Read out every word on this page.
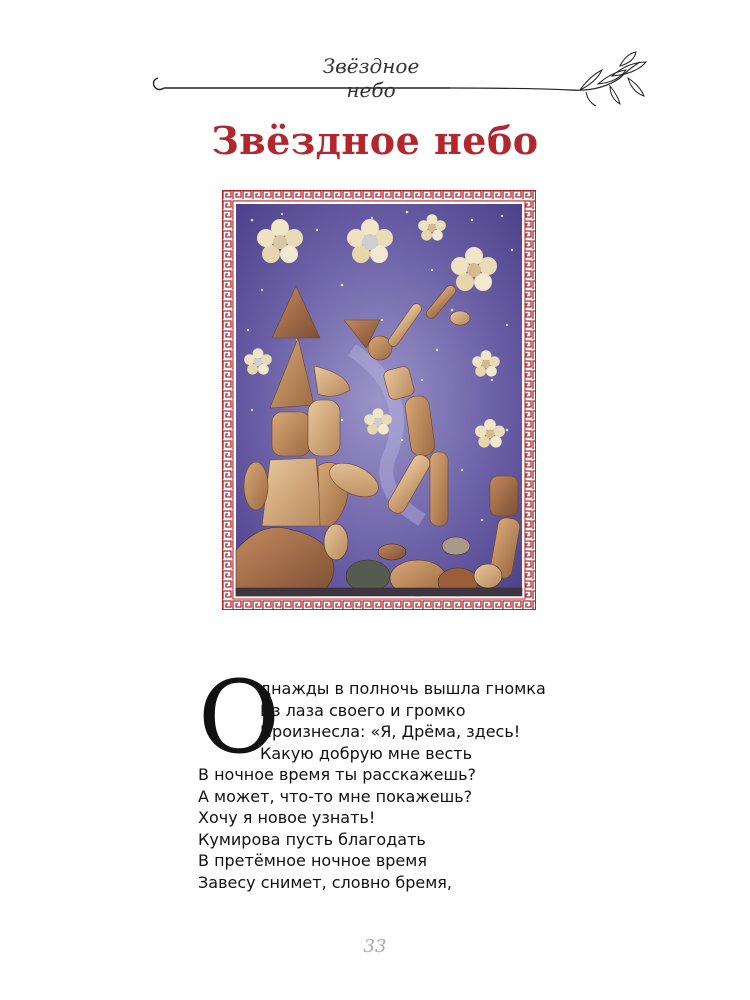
Звёздное небо
Звёздное небо
О
днажды в полночь вышла гномка
Из лаза своего и громко
Произнесла: «Я, Дрёма, здесь!
Какую добрую мне весть
В ночное время ты расскажешь?
А может, что-то мне покажешь?
Хочу я новое узнать!
Кумирова пусть благодать
В претёмное ночное время
Завесу снимет, словно бремя,
33
